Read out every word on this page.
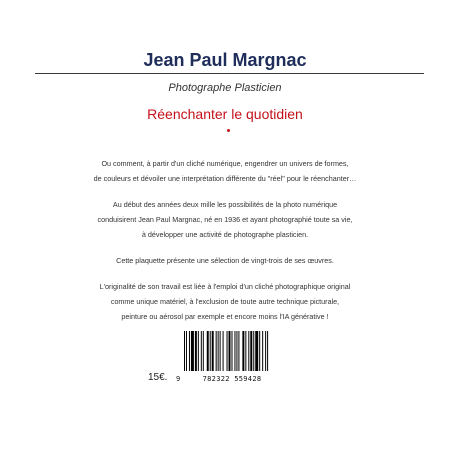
Jean Paul Margnac
Photographe Plasticien
Réenchanter le quotidien
Ou comment, à partir d'un cliché numérique, engendrer un univers de formes,
de couleurs et dévoiler une interprétation différente du "réel" pour le réenchanter…
Au début des années deux mille les possibilités de la photo numérique
conduisirent Jean Paul Margnac, né en 1936 et ayant photographié toute sa vie,
à développer une activité de photographe plasticien.
Cette plaquette présente une sélection de vingt-trois de ses œuvres.
L'originalité de son travail est liée à l'emploi d'un cliché photographique original
comme unique matériel, à l'exclusion de toute autre technique picturale,
peinture ou aérosol par exemple et encore moins l'IA générative !
15€. 9	782322 559428
